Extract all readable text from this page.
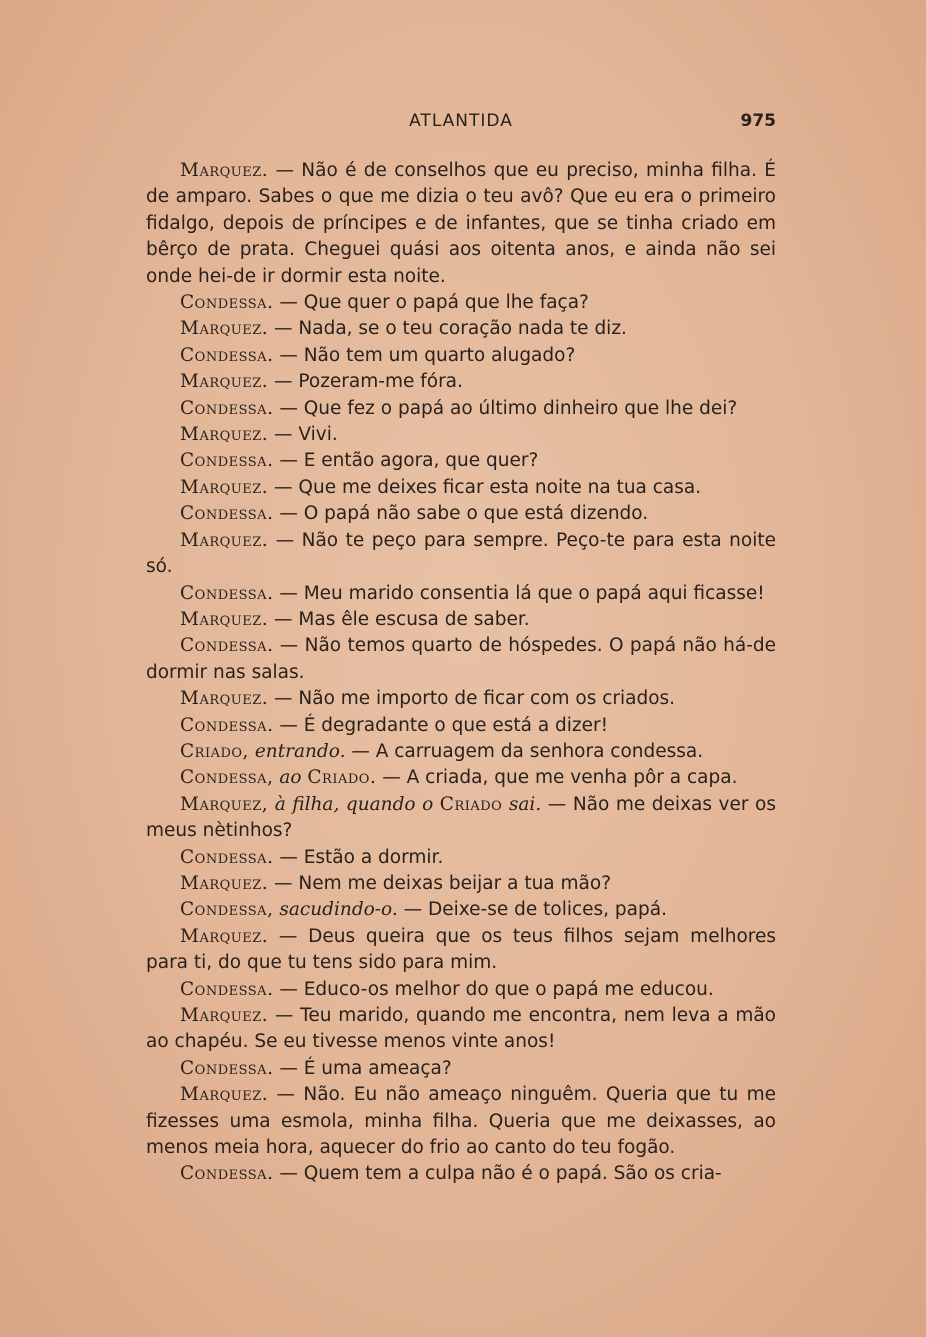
ATLANTIDA	975

Marquez. — Não é de conselhos que eu preciso, minha filha. É de amparo. Sabes o que me dizia o teu avô? Que eu era o primeiro fidalgo, depois de príncipes e de infantes, que se tinha criado em bêrço de prata. Cheguei quási aos oitenta anos, e ainda não sei onde hei-de ir dormir esta noite.

Condessa. — Que quer o papá que lhe faça?

Marquez. — Nada, se o teu coração nada te diz.

Condessa. — Não tem um quarto alugado?

Marquez. — Pozeram-me fóra.

Condessa. — Que fez o papá ao último dinheiro que lhe dei?

Marquez. — Vivi.

Condessa. — E então agora, que quer?

Marquez. — Que me deixes ficar esta noite na tua casa.

Condessa. — O papá não sabe o que está dizendo.

Marquez. — Não te peço para sempre. Peço-te para esta noite só.

Condessa. — Meu marido consentia lá que o papá aqui ficasse!

Marquez. — Mas êle escusa de saber.

Condessa. — Não temos quarto de hóspedes. O papá não há-de dormir nas salas.

Marquez. — Não me importo de ficar com os criados.

Condessa. — É degradante o que está a dizer!

Criado, entrando. — A carruagem da senhora condessa.

Condessa, ao Criado. — A criada, que me venha pôr a capa.

Marquez, à filha, quando o Criado sai. — Não me deixas ver os meus nètinhos?

Condessa. — Estão a dormir.

Marquez. — Nem me deixas beijar a tua mão?

Condessa, sacudindo-o. — Deixe-se de tolices, papá.

Marquez. — Deus queira que os teus filhos sejam melhores para ti, do que tu tens sido para mim.

Condessa. — Educo-os melhor do que o papá me educou.

Marquez. — Teu marido, quando me encontra, nem leva a mão ao chapéu. Se eu tivesse menos vinte anos!

Condessa. — É uma ameaça?

Marquez. — Não. Eu não ameaço ninguêm. Queria que tu me fizesses uma esmola, minha filha. Queria que me deixasses, ao menos meia hora, aquecer do frio ao canto do teu fogão.

Condessa. — Quem tem a culpa não é o papá. São os cria-
